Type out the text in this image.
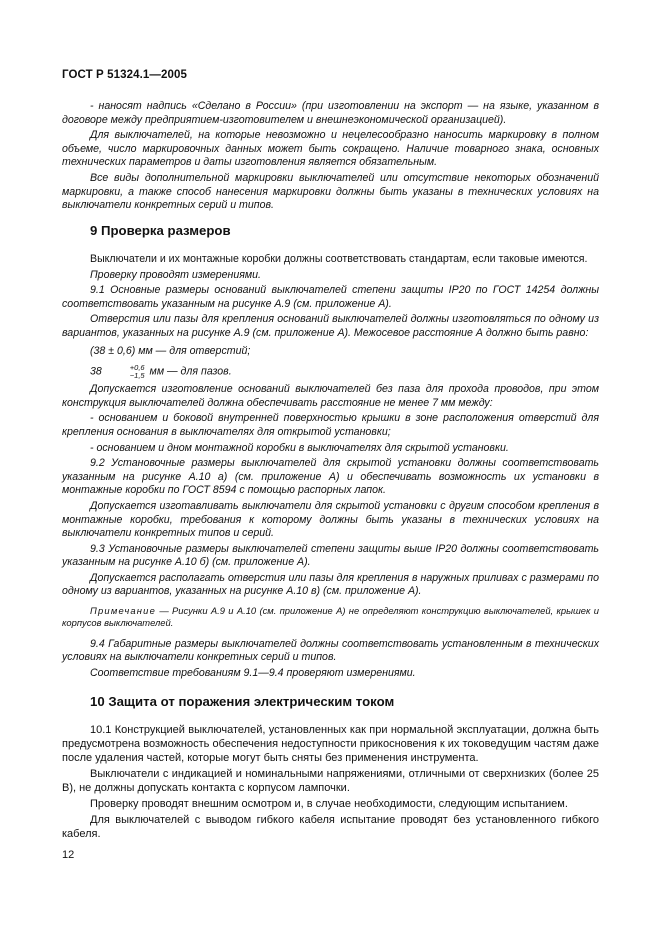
ГОСТ Р 51324.1—2005

- наносят надпись «Сделано в России» (при изготовлении на экспорт — на языке, указанном в договоре между предприятием-изготовителем и внешнеэкономической организацией).

Для выключателей, на которые невозможно и нецелесообразно наносить маркировку в полном объеме, число маркировочных данных может быть сокращено. Наличие товарного знака, основных технических параметров и даты изготовления является обязательным.

Все виды дополнительной маркировки выключателей или отсутствие некоторых обозначений маркировки, а также способ нанесения маркировки должны быть указаны в технических условиях на выключатели конкретных серий и типов.

9 Проверка размеров

Выключатели и их монтажные коробки должны соответствовать стандартам, если таковые имеются.

Проверку проводят измерениями.

9.1 Основные размеры оснований выключателей степени защиты IP20 по ГОСТ 14254 должны соответствовать указанным на рисунке А.9 (см. приложение А).

Отверстия или пазы для крепления оснований выключателей должны изготовляться по одному из вариантов, указанных на рисунке А.9 (см. приложение А). Межосевое расстояние А должно быть равно:

(38 ± 0,6) мм — для отверстий;

38	+0,6
−1,5 мм — для пазов.

Допускается изготовление оснований выключателей без паза для прохода проводов, при этом конструкция выключателей должна обеспечивать расстояние не менее 7 мм между:

- основанием и боковой внутренней поверхностью крышки в зоне расположения отверстий для крепления основания в выключателях для открытой установки;

- основанием и дном монтажной коробки в выключателях для скрытой установки.

9.2 Установочные размеры выключателей для скрытой установки должны соответствовать указанным на рисунке А.10 а) (см. приложение А) и обеспечивать возможность их установки в монтажные коробки по ГОСТ 8594 с помощью распорных лапок.

Допускается изготавливать выключатели для скрытой установки с другим способом крепления в монтажные коробки, требования к которому должны быть указаны в технических условиях на выключатели конкретных типов и серий.

9.3 Установочные размеры выключателей степени защиты выше IP20 должны соответствовать указанным на рисунке А.10 б) (см. приложение А).

Допускается располагать отверстия или пазы для крепления в наружных приливах с размерами по одному из вариантов, указанных на рисунке А.10 в) (см. приложение А).

Примечание — Рисунки А.9 и А.10 (см. приложение А) не определяют конструкцию выключателей, крышек и корпусов выключателей.

9.4 Габаритные размеры выключателей должны соответствовать установленным в технических условиях на выключатели конкретных серий и типов.

Соответствие требованиям 9.1—9.4 проверяют измерениями.

10 Защита от поражения электрическим током

10.1 Конструкцией выключателей, установленных как при нормальной эксплуатации, должна быть предусмотрена возможность обеспечения недоступности прикосновения к их токоведущим частям даже после удаления частей, которые могут быть сняты без применения инструмента.

Выключатели с индикацией и номинальными напряжениями, отличными от сверхнизких (более 25 В), не должны допускать контакта с корпусом лампочки.

Проверку проводят внешним осмотром и, в случае необходимости, следующим испытанием.

Для выключателей с выводом гибкого кабеля испытание проводят без установленного гибкого кабеля.

12
